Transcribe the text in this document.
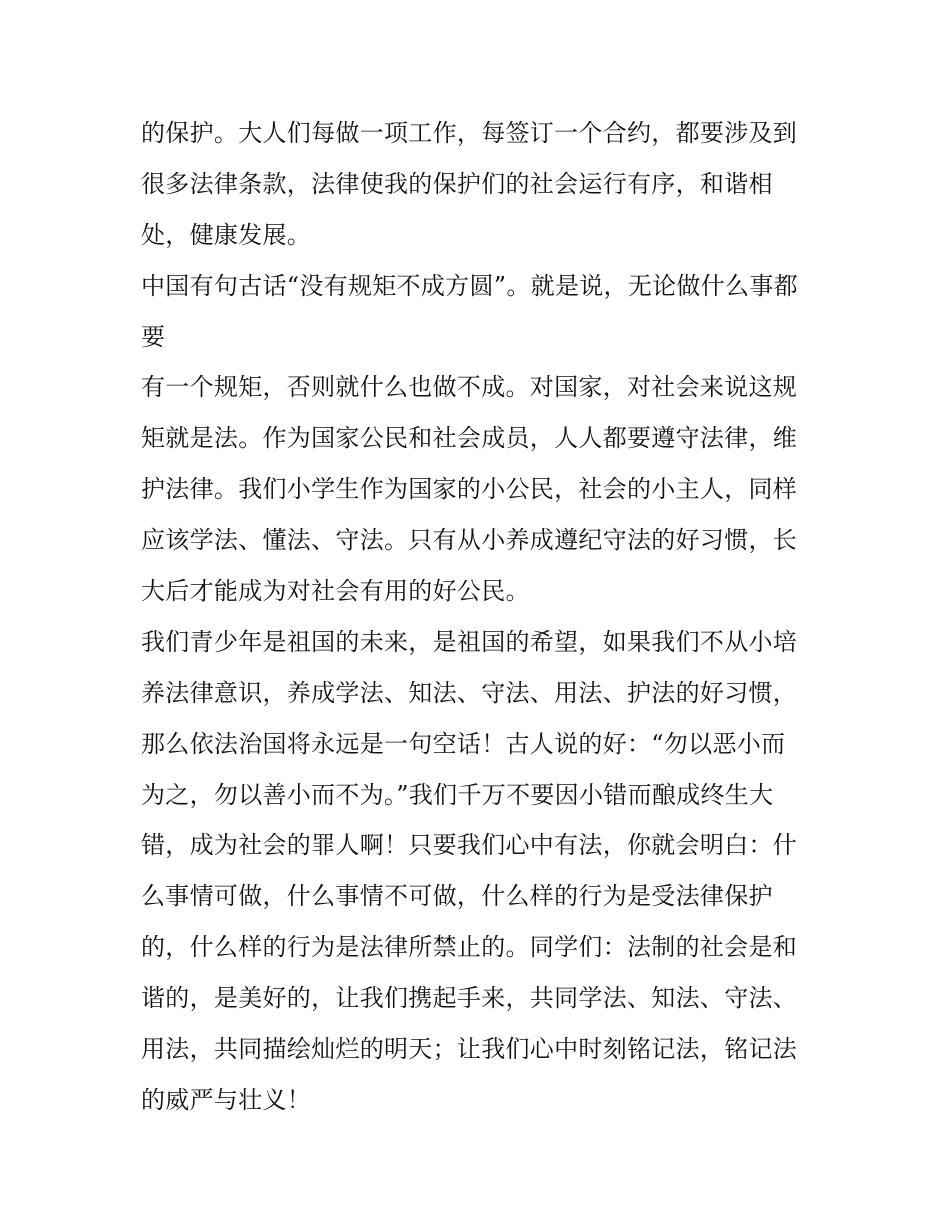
的保护。大人们每做一项工作，每签订一个合约，都要涉及到
很多法律条款，法律使我的保护们的社会运行有序，和谐相
处，健康发展。
中国有句古话“没有规矩不成方圆”。就是说，无论做什么事都
要
有一个规矩，否则就什么也做不成。对国家，对社会来说这规
矩就是法。作为国家公民和社会成员，人人都要遵守法律，维
护法律。我们小学生作为国家的小公民，社会的小主人，同样
应该学法、懂法、守法。只有从小养成遵纪守法的好习惯，长
大后才能成为对社会有用的好公民。
我们青少年是祖国的未来，是祖国的希望，如果我们不从小培
养法律意识，养成学法、知法、守法、用法、护法的好习惯，
那么依法治国将永远是一句空话！古人说的好：“勿以恶小而
为之，勿以善小而不为。”我们千万不要因小错而酿成终生大
错，成为社会的罪人啊！只要我们心中有法，你就会明白：什
么事情可做，什么事情不可做，什么样的行为是受法律保护
的，什么样的行为是法律所禁止的。同学们：法制的社会是和
谐的，是美好的，让我们携起手来，共同学法、知法、守法、
用法，共同描绘灿烂的明天；让我们心中时刻铭记法，铭记法
的威严与壮义！
